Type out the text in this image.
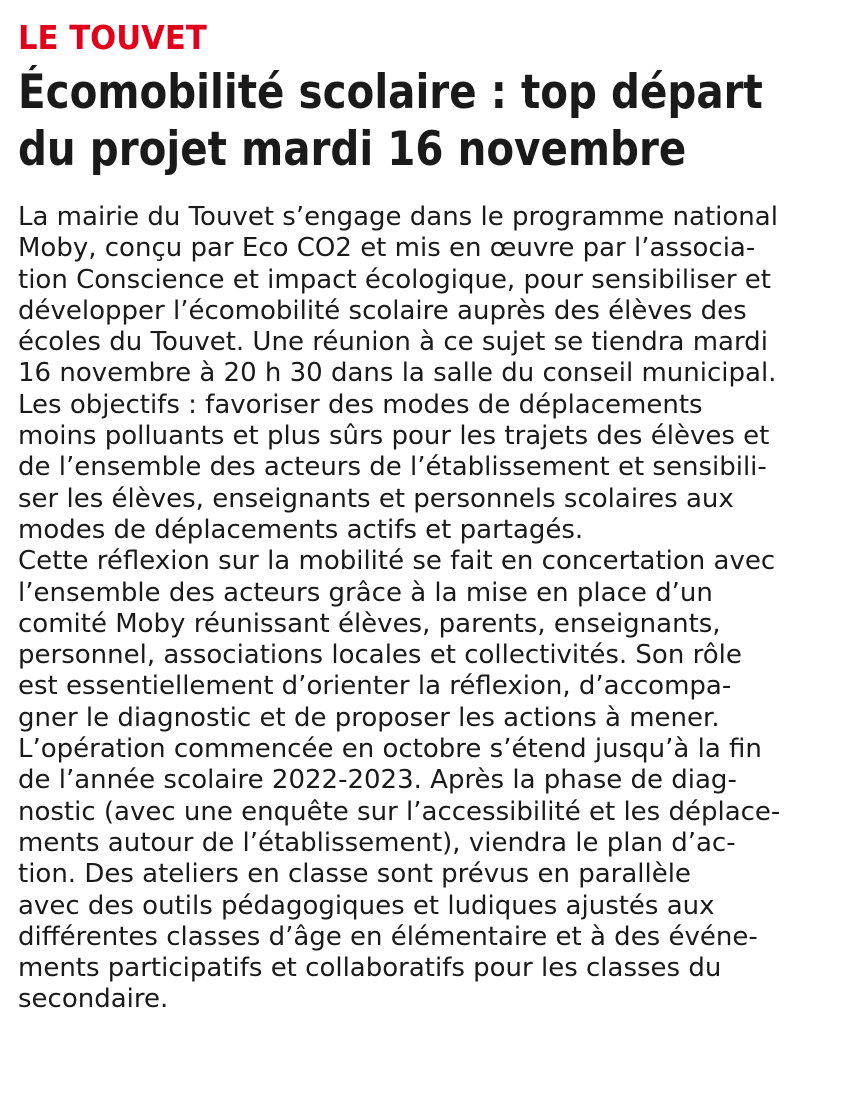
LE TOUVET
Écomobilité scolaire : top départ
du projet mardi 16 novembre
La mairie du Touvet s’engage dans le programme national
Moby, conçu par Eco CO2 et mis en œuvre par l’associa-
tion Conscience et impact écologique, pour sensibiliser et
développer l’écomobilité scolaire auprès des élèves des
écoles du Touvet. Une réunion à ce sujet se tiendra mardi
16 novembre à 20 h 30 dans la salle du conseil municipal.
Les objectifs : favoriser des modes de déplacements
moins polluants et plus sûrs pour les trajets des élèves et
de l’ensemble des acteurs de l’établissement et sensibili-
ser les élèves, enseignants et personnels scolaires aux
modes de déplacements actifs et partagés.
Cette réflexion sur la mobilité se fait en concertation avec
l’ensemble des acteurs grâce à la mise en place d’un
comité Moby réunissant élèves, parents, enseignants,
personnel, associations locales et collectivités. Son rôle
est essentiellement d’orienter la réflexion, d’accompa-
gner le diagnostic et de proposer les actions à mener.
L’opération commencée en octobre s’étend jusqu’à la fin
de l’année scolaire 2022-2023. Après la phase de diag-
nostic (avec une enquête sur l’accessibilité et les déplace-
ments autour de l’établissement), viendra le plan d’ac-
tion. Des ateliers en classe sont prévus en parallèle
avec des outils pédagogiques et ludiques ajustés aux
différentes classes d’âge en élémentaire et à des événe-
ments participatifs et collaboratifs pour les classes du
secondaire.
